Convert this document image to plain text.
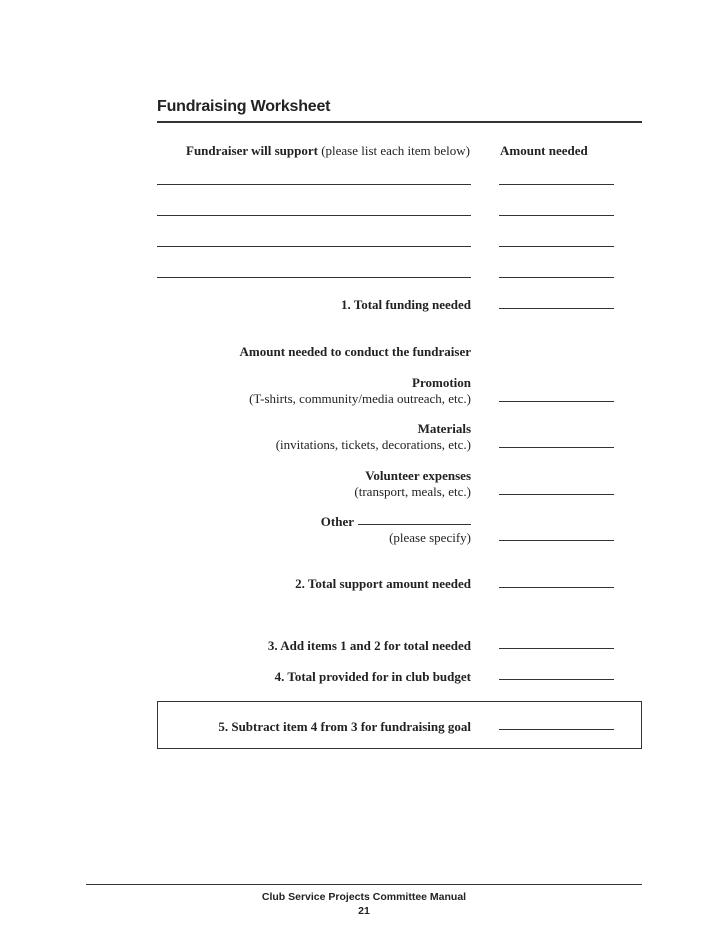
Fundraising Worksheet
Fundraiser will support (please list each item below) Amount needed
1. Total funding needed
Amount needed to conduct the fundraiser
Promotion
(T-shirts, community/media outreach, etc.)
Materials
(invitations, tickets, decorations, etc.)
Volunteer expenses
(transport, meals, etc.)
Other
(please specify)
2. Total support amount needed
3. Add items 1 and 2 for total needed
4. Total provided for in club budget
5. Subtract item 4 from 3 for fundraising goal
Club Service Projects Committee Manual
21
